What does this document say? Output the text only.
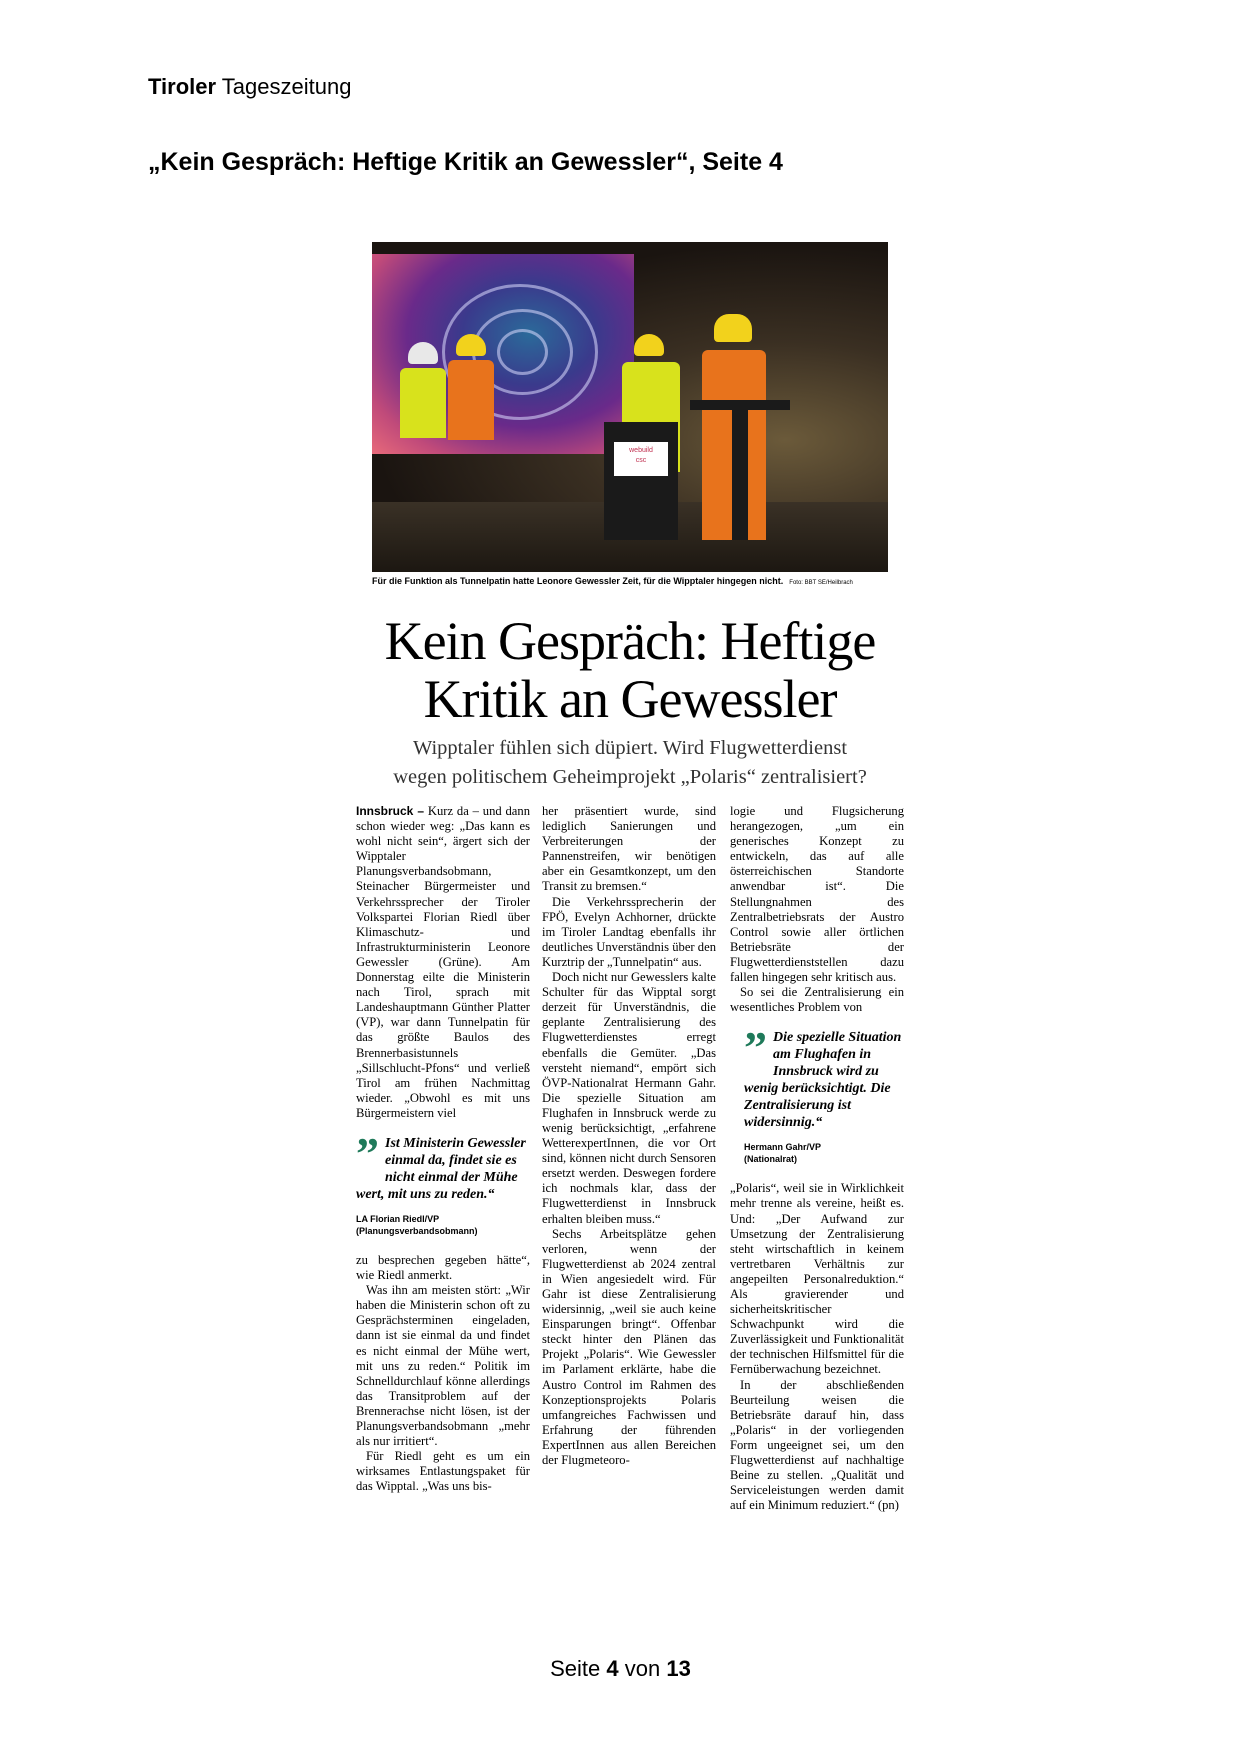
Tiroler Tageszeitung
„Kein Gespräch: Heftige Kritik an Gewessler“, Seite 4
webuild
csc
Für die Funktion als Tunnelpatin hatte Leonore Gewessler Zeit, für die Wipptaler hingegen nicht. Foto: BBT SE/Heilbrach
Kein Gespräch: Heftige
Kritik an Gewessler
Wipptaler fühlen sich düpiert. Wird Flugwetterdienst
wegen politischem Geheimprojekt „Polaris“ zentralisiert?

Innsbruck – Kurz da – und dann schon wieder weg: „Das kann es wohl nicht sein“, ärgert sich der Wipptaler Planungsverbandsobmann, Steinacher Bürgermeister und Verkehrssprecher der Tiroler Volkspartei Florian Riedl über Klimaschutz- und Infrastrukturministerin Leonore Gewessler (Grüne). Am Donnerstag eilte die Ministerin nach Tirol, sprach mit Landeshauptmann Günther Platter (VP), war dann Tunnelpatin für das größte Baulos des Brennerbasistunnels „Sillschlucht-Pfons“ und verließ Tirol am frühen Nachmittag wieder. „Obwohl es mit uns Bürgermeistern viel

” Ist Ministerin Gewessler einmal da, findet sie es nicht einmal der Mühe wert, mit uns zu reden.“
LA Florian Riedl/VP
(Planungsverbandsobmann)

zu besprechen gegeben hätte“, wie Riedl anmerkt.

Was ihn am meisten stört: „Wir haben die Ministerin schon oft zu Gesprächsterminen eingeladen, dann ist sie einmal da und findet es nicht einmal der Mühe wert, mit uns zu reden.“ Politik im Schnelldurchlauf könne allerdings das Transitproblem auf der Brennerachse nicht lösen, ist der Planungsverbandsobmann „mehr als nur irritiert“.

Für Riedl geht es um ein wirksames Entlastungspaket für das Wipptal. „Was uns bis-

her präsentiert wurde, sind lediglich Sanierungen und Verbreiterungen der Pannenstreifen, wir benötigen aber ein Gesamtkonzept, um den Transit zu bremsen.“

Die Verkehrssprecherin der FPÖ, Evelyn Achhorner, drückte im Tiroler Landtag ebenfalls ihr deutliches Unverständnis über den Kurztrip der „Tunnelpatin“ aus.

Doch nicht nur Gewesslers kalte Schulter für das Wipptal sorgt derzeit für Unverständnis, die geplante Zentralisierung des Flugwetterdienstes erregt ebenfalls die Gemüter. „Das versteht niemand“, empört sich ÖVP-Nationalrat Hermann Gahr. Die spezielle Situation am Flughafen in Innsbruck werde zu wenig berücksichtigt, „erfahrene WetterexpertInnen, die vor Ort sind, können nicht durch Sensoren ersetzt werden. Deswegen fordere ich nochmals klar, dass der Flugwetterdienst in Innsbruck erhalten bleiben muss.“

Sechs Arbeitsplätze gehen verloren, wenn der Flugwetterdienst ab 2024 zentral in Wien angesiedelt wird. Für Gahr ist diese Zentralisierung widersinnig, „weil sie auch keine Einsparungen bringt“. Offenbar steckt hinter den Plänen das Projekt „Polaris“. Wie Gewessler im Parlament erklärte, habe die Austro Control im Rahmen des Konzeptionsprojekts Polaris umfangreiches Fachwissen und Erfahrung der führenden ExpertInnen aus allen Bereichen der Flugmeteoro-

logie und Flugsicherung herangezogen, „um ein generisches Konzept zu entwickeln, das auf alle österreichischen Standorte anwendbar ist“. Die Stellungnahmen des Zentralbetriebsrats der Austro Control sowie aller örtlichen Betriebsräte der Flugwetterdienststellen dazu fallen hingegen sehr kritisch aus.

So sei die Zentralisierung ein wesentliches Problem von

” Die spezielle Situation am Flughafen in Innsbruck wird zu wenig berücksichtigt. Die Zentralisierung ist widersinnig.“
Hermann Gahr/VP
(Nationalrat)

„Polaris“, weil sie in Wirklichkeit mehr trenne als vereine, heißt es. Und: „Der Aufwand zur Umsetzung der Zentralisierung steht wirtschaftlich in keinem vertretbaren Verhältnis zur angepeilten Personalreduktion.“ Als gravierender und sicherheitskritischer Schwachpunkt wird die Zuverlässigkeit und Funktionalität der technischen Hilfsmittel für die Fernüberwachung bezeichnet.

In der abschließenden Beurteilung weisen die Betriebsräte darauf hin, dass „Polaris“ in der vorliegenden Form ungeeignet sei, um den Flugwetterdienst auf nachhaltige Beine zu stellen. „Qualität und Serviceleistungen werden damit auf ein Minimum reduziert.“ (pn)

Seite 4 von 13
